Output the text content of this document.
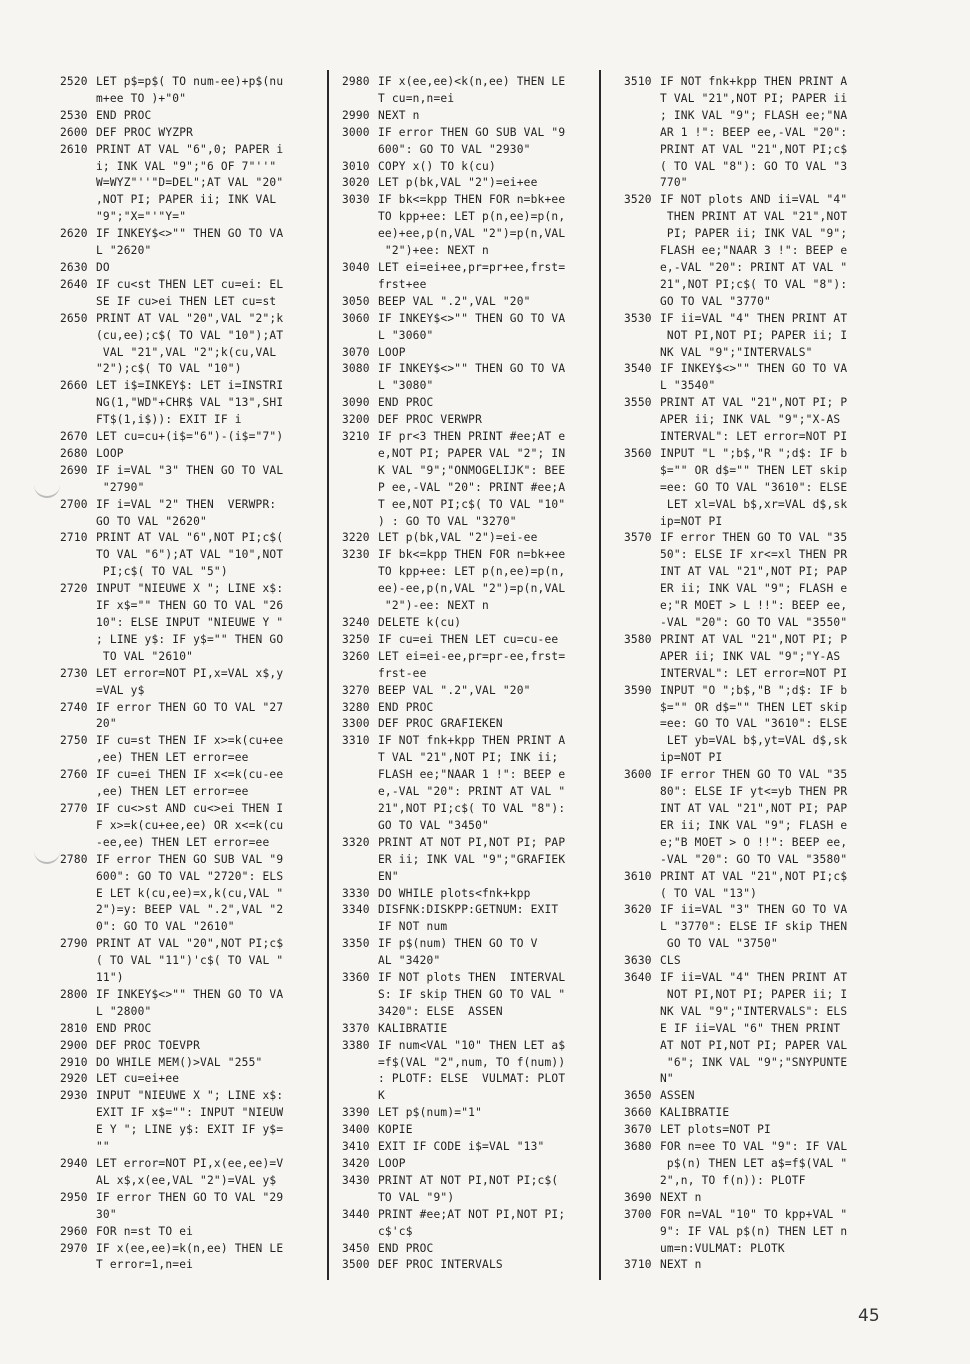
2520 LET p$=p$( TO num-ee)+p$(nu
m+ee TO )+"0"
2530 END PROC
2600 DEF PROC WYZPR
2610 PRINT AT VAL "6",0; PAPER i
i; INK VAL "9";"6 OF 7"''"
W=WYZ"''"D=DEL";AT VAL "20"
,NOT PI; PAPER ii; INK VAL
"9";"X="'"Y="
2620 IF INKEY$<>"" THEN GO TO VA
L "2620"
2630 DO
2640 IF cu<st THEN LET cu=ei: EL
SE IF cu>ei THEN LET cu=st
2650 PRINT AT VAL "20",VAL "2";k
(cu,ee);c$( TO VAL "10");AT
VAL "21",VAL "2";k(cu,VAL
"2");c$( TO VAL "10")
2660 LET i$=INKEY$: LET i=INSTRI
NG(1,"WD"+CHR$ VAL "13",SHI
FT$(1,i$)): EXIT IF i
2670 LET cu=cu+(i$="6")-(i$="7")
2680 LOOP
2690 IF i=VAL "3" THEN GO TO VAL
"2790"
2700 IF i=VAL "2" THEN  VERWPR:
GO TO VAL "2620"
2710 PRINT AT VAL "6",NOT PI;c$(
TO VAL "6");AT VAL "10",NOT
PI;c$( TO VAL "5")
2720 INPUT "NIEUWE X "; LINE x$:
IF x$="" THEN GO TO VAL "26
10": ELSE INPUT "NIEUWE Y "
; LINE y$: IF y$="" THEN GO
TO VAL "2610"
2730 LET error=NOT PI,x=VAL x$,y
=VAL y$
2740 IF error THEN GO TO VAL "27
20"
2750 IF cu=st THEN IF x>=k(cu+ee
,ee) THEN LET error=ee
2760 IF cu=ei THEN IF x<=k(cu-ee
,ee) THEN LET error=ee
2770 IF cu<>st AND cu<>ei THEN I
F x>=k(cu+ee,ee) OR x<=k(cu
-ee,ee) THEN LET error=ee
2780 IF error THEN GO SUB VAL "9
600": GO TO VAL "2720": ELS
E LET k(cu,ee)=x,k(cu,VAL "
2")=y: BEEP VAL ".2",VAL "2
0": GO TO VAL "2610"
2790 PRINT AT VAL "20",NOT PI;c$
( TO VAL "11")'c$( TO VAL "
11")
2800 IF INKEY$<>"" THEN GO TO VA
L "2800"
2810 END PROC
2900 DEF PROC TOEVPR
2910 DO WHILE MEM()>VAL "255"
2920 LET cu=ei+ee
2930 INPUT "NIEUWE X "; LINE x$:
EXIT IF x$="": INPUT "NIEUW
E Y "; LINE y$: EXIT IF y$=
""
2940 LET error=NOT PI,x(ee,ee)=V
AL x$,x(ee,VAL "2")=VAL y$
2950 IF error THEN GO TO VAL "29
30"
2960 FOR n=st TO ei
2970 IF x(ee,ee)=k(n,ee) THEN LE
T error=1,n=ei
2980 IF x(ee,ee)<k(n,ee) THEN LE
T cu=n,n=ei
2990 NEXT n
3000 IF error THEN GO SUB VAL "9
600": GO TO VAL "2930"
3010 COPY x() TO k(cu)
3020 LET p(bk,VAL "2")=ei+ee
3030 IF bk<=kpp THEN FOR n=bk+ee
TO kpp+ee: LET p(n,ee)=p(n,
ee)+ee,p(n,VAL "2")=p(n,VAL
"2")+ee: NEXT n
3040 LET ei=ei+ee,pr=pr+ee,frst=
frst+ee
3050 BEEP VAL ".2",VAL "20"
3060 IF INKEY$<>"" THEN GO TO VA
L "3060"
3070 LOOP
3080 IF INKEY$<>"" THEN GO TO VA
L "3080"
3090 END PROC
3200 DEF PROC VERWPR
3210 IF pr<3 THEN PRINT #ee;AT e
e,NOT PI; PAPER VAL "2"; IN
K VAL "9";"ONMOGELIJK": BEE
P ee,-VAL "20": PRINT #ee;A
T ee,NOT PI;c$( TO VAL "10"
) : GO TO VAL "3270"
3220 LET p(bk,VAL "2")=ei-ee
3230 IF bk<=kpp THEN FOR n=bk+ee
TO kpp+ee: LET p(n,ee)=p(n,
ee)-ee,p(n,VAL "2")=p(n,VAL
"2")-ee: NEXT n
3240 DELETE k(cu)
3250 IF cu=ei THEN LET cu=cu-ee
3260 LET ei=ei-ee,pr=pr-ee,frst=
frst-ee
3270 BEEP VAL ".2",VAL "20"
3280 END PROC
3300 DEF PROC GRAFIEKEN
3310 IF NOT fnk+kpp THEN PRINT A
T VAL "21",NOT PI; INK ii;
FLASH ee;"NAAR 1 !": BEEP e
e,-VAL "20": PRINT AT VAL "
21",NOT PI;c$( TO VAL "8"):
GO TO VAL "3450"
3320 PRINT AT NOT PI,NOT PI; PAP
ER ii; INK VAL "9";"GRAFIEK
EN"
3330 DO WHILE plots<fnk+kpp
3340 DISFNK:DISKPP:GETNUM: EXIT
IF NOT num
3350 IF p$(num) THEN GO TO V
AL "3420"
3360 IF NOT plots THEN  INTERVAL
S: IF skip THEN GO TO VAL "
3420": ELSE  ASSEN
3370 KALIBRATIE
3380 IF num<VAL "10" THEN LET a$
=f$(VAL "2",num, TO f(num))
: PLOTF: ELSE  VULMAT: PLOT
K
3390 LET p$(num)="1"
3400 KOPIE
3410 EXIT IF CODE i$=VAL "13"
3420 LOOP
3430 PRINT AT NOT PI,NOT PI;c$(
TO VAL "9")
3440 PRINT #ee;AT NOT PI,NOT PI;
c$'c$
3450 END PROC
3500 DEF PROC INTERVALS
3510 IF NOT fnk+kpp THEN PRINT A
T VAL "21",NOT PI; PAPER ii
; INK VAL "9"; FLASH ee;"NA
AR 1 !": BEEP ee,-VAL "20":
PRINT AT VAL "21",NOT PI;c$
( TO VAL "8"): GO TO VAL "3
770"
3520 IF NOT plots AND ii=VAL "4"
THEN PRINT AT VAL "21",NOT
PI; PAPER ii; INK VAL "9";
FLASH ee;"NAAR 3 !": BEEP e
e,-VAL "20": PRINT AT VAL "
21",NOT PI;c$( TO VAL "8"):
GO TO VAL "3770"
3530 IF ii=VAL "4" THEN PRINT AT
NOT PI,NOT PI; PAPER ii; I
NK VAL "9";"INTERVALS"
3540 IF INKEY$<>"" THEN GO TO VA
L "3540"
3550 PRINT AT VAL "21",NOT PI; P
APER ii; INK VAL "9";"X-AS
INTERVAL": LET error=NOT PI
3560 INPUT "L ";b$,"R ";d$: IF b
$="" OR d$="" THEN LET skip
=ee: GO TO VAL "3610": ELSE
LET xl=VAL b$,xr=VAL d$,sk
ip=NOT PI
3570 IF error THEN GO TO VAL "35
50": ELSE IF xr<=xl THEN PR
INT AT VAL "21",NOT PI; PAP
ER ii; INK VAL "9"; FLASH e
e;"R MOET > L !!": BEEP ee,
-VAL "20": GO TO VAL "3550"
3580 PRINT AT VAL "21",NOT PI; P
APER ii; INK VAL "9";"Y-AS
INTERVAL": LET error=NOT PI
3590 INPUT "O ";b$,"B ";d$: IF b
$="" OR d$="" THEN LET skip
=ee: GO TO VAL "3610": ELSE
LET yb=VAL b$,yt=VAL d$,sk
ip=NOT PI
3600 IF error THEN GO TO VAL "35
80": ELSE IF yt<=yb THEN PR
INT AT VAL "21",NOT PI; PAP
ER ii; INK VAL "9"; FLASH e
e;"B MOET > O !!": BEEP ee,
-VAL "20": GO TO VAL "3580"
3610 PRINT AT VAL "21",NOT PI;c$
( TO VAL "13")
3620 IF ii=VAL "3" THEN GO TO VA
L "3770": ELSE IF skip THEN
GO TO VAL "3750"
3630 CLS
3640 IF ii=VAL "4" THEN PRINT AT
NOT PI,NOT PI; PAPER ii; I
NK VAL "9";"INTERVALS": ELS
E IF ii=VAL "6" THEN PRINT
AT NOT PI,NOT PI; PAPER VAL
"6"; INK VAL "9";"SNYPUNTE
N"
3650 ASSEN
3660 KALIBRATIE
3670 LET plots=NOT PI
3680 FOR n=ee TO VAL "9": IF VAL
p$(n) THEN LET a$=f$(VAL "
2",n, TO f(n)): PLOTF
3690 NEXT n
3700 FOR n=VAL "10" TO kpp+VAL "
9": IF VAL p$(n) THEN LET n
um=n:VULMAT: PLOTK
3710 NEXT n
45
